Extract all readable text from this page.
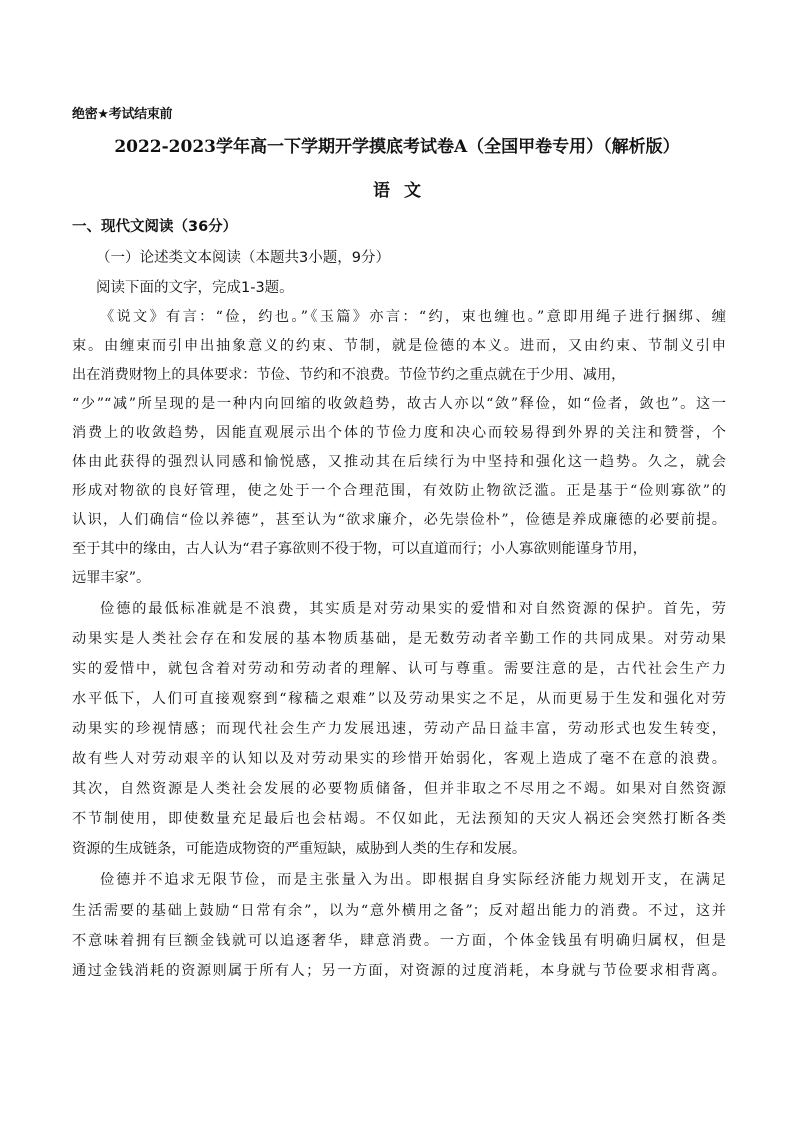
绝密★考试结束前
2022-2023学年高一下学期开学摸底考试卷A（全国甲卷专用）（解析版）
语文
一、现代文阅读（36分）
（一）论述类文本阅读（本题共3小题，9分）
阅读下面的文字，完成1-3题。
《说文》有言：“俭，约也。”《玉篇》亦言：“约，束也缠也。”意即用绳子进行捆绑、缠
束。由缠束而引申出抽象意义的约束、节制，就是俭德的本义。进而，又由约束、节制义引申
出在消费财物上的具体要求：节俭、节约和不浪费。节俭节约之重点就在于少用、减用，
“少”“减”所呈现的是一种内向回缩的收敛趋势，故古人亦以“敛”释俭，如“俭者，敛也”。这一
消费上的收敛趋势，因能直观展示出个体的节俭力度和决心而较易得到外界的关注和赞誉，个
体由此获得的强烈认同感和愉悦感，又推动其在后续行为中坚持和强化这一趋势。久之，就会
形成对物欲的良好管理，使之处于一个合理范围，有效防止物欲泛滥。正是基于“俭则寡欲”的
认识，人们确信“俭以养德”，甚至认为“欲求廉介，必先崇俭朴”，俭德是养成廉德的必要前提。
至于其中的缘由，古人认为“君子寡欲则不役于物，可以直道而行；小人寡欲则能谨身节用，
远罪丰家”。
俭德的最低标准就是不浪费，其实质是对劳动果实的爱惜和对自然资源的保护。首先，劳
动果实是人类社会存在和发展的基本物质基础，是无数劳动者辛勤工作的共同成果。对劳动果
实的爱惜中，就包含着对劳动和劳动者的理解、认可与尊重。需要注意的是，古代社会生产力
水平低下，人们可直接观察到“稼穑之艰难”以及劳动果实之不足，从而更易于生发和强化对劳
动果实的珍视情感；而现代社会生产力发展迅速，劳动产品日益丰富，劳动形式也发生转变，
故有些人对劳动艰辛的认知以及对劳动果实的珍惜开始弱化，客观上造成了毫不在意的浪费。
其次，自然资源是人类社会发展的必要物质储备，但并非取之不尽用之不竭。如果对自然资源
不节制使用，即使数量充足最后也会枯竭。不仅如此，无法预知的天灾人祸还会突然打断各类
资源的生成链条，可能造成物资的严重短缺，威胁到人类的生存和发展。
俭德并不追求无限节俭，而是主张量入为出。即根据自身实际经济能力规划开支，在满足
生活需要的基础上鼓励“日常有余”，以为“意外横用之备”；反对超出能力的消费。不过，这并
不意味着拥有巨额金钱就可以追逐奢华，肆意消费。一方面，个体金钱虽有明确归属权，但是
通过金钱消耗的资源则属于所有人；另一方面，对资源的过度消耗，本身就与节俭要求相背离。
